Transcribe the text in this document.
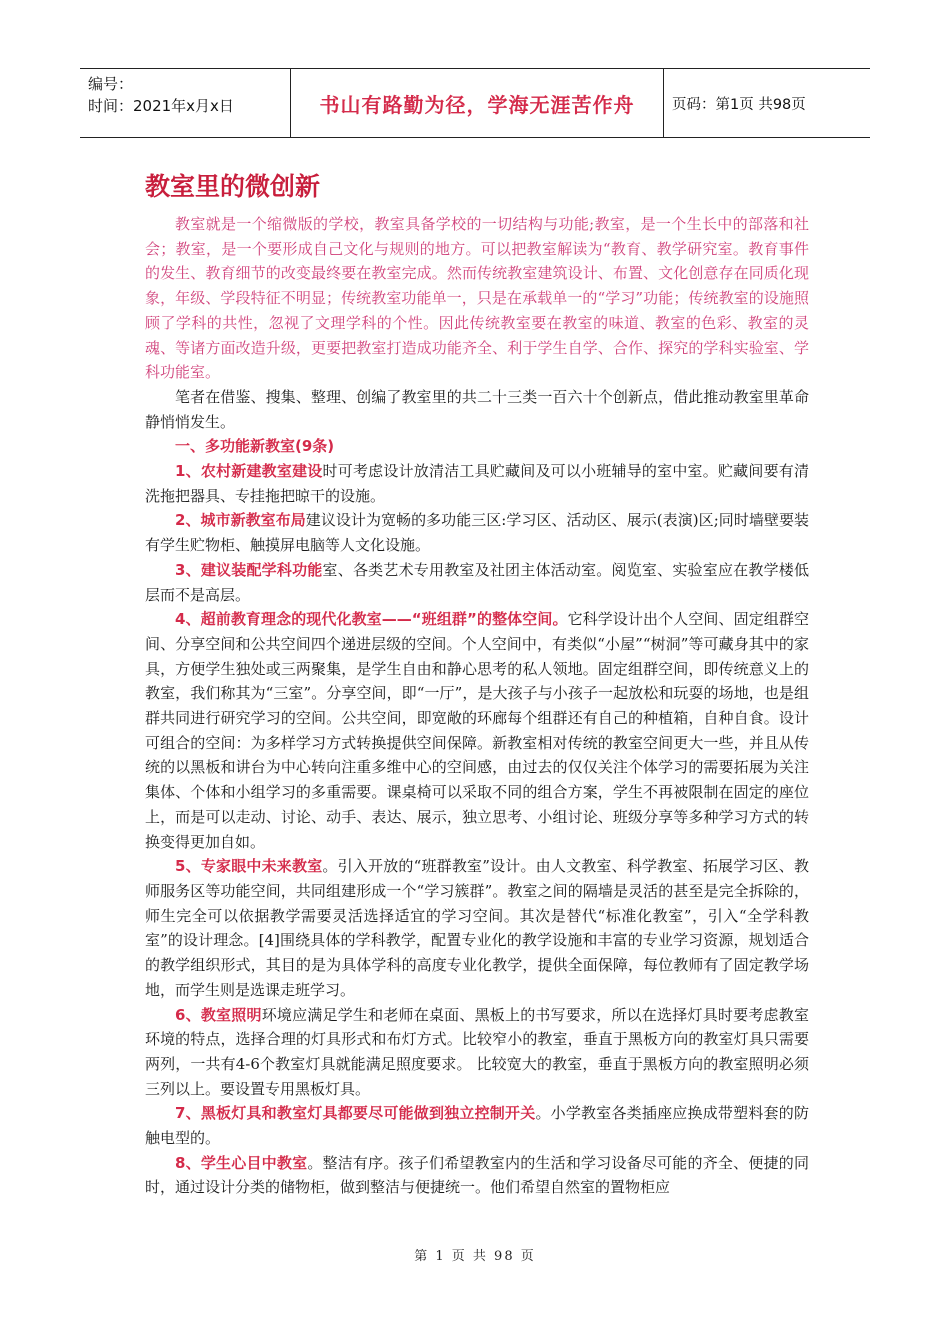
编号：
时间：2021年x月x日	书山有路勤为径，学海无涯苦作舟	页码：第1页 共98页
教室里的微创新

教室就是一个缩微版的学校，教室具备学校的一切结构与功能;教室，是一个生长中的部落和社会；教室，是一个要形成自己文化与规则的地方。可以把教室解读为“教育、教学研究室。教育事件的发生、教育细节的改变最终要在教室完成。然而传统教室建筑设计、布置、文化创意存在同质化现象，年级、学段特征不明显；传统教室功能单一，只是在承载单一的“学习”功能；传统教室的设施照顾了学科的共性，忽视了文理学科的个性。因此传统教室要在教室的味道、教室的色彩、教室的灵魂、等诸方面改造升级，更要把教室打造成功能齐全、利于学生自学、合作、探究的学科实验室、学科功能室。

笔者在借鉴、搜集、整理、创编了教室里的共二十三类一百六十个创新点，借此推动教室里革命静悄悄发生。

一、多功能新教室(9条)

1、农村新建教室建设时可考虑设计放清洁工具贮藏间及可以小班辅导的室中室。贮藏间要有清洗拖把器具、专挂拖把晾干的设施。

2、城市新教室布局建议设计为宽畅的多功能三区:学习区、活动区、展示(表演)区;同时墙壁要装有学生贮物柜、触摸屏电脑等人文化设施。

3、建议装配学科功能室、各类艺术专用教室及社团主体活动室。阅览室、实验室应在教学楼低层而不是高层。

4、超前教育理念的现代化教室——“班组群”的整体空间。它科学设计出个人空间、固定组群空间、分享空间和公共空间四个递进层级的空间。个人空间中，有类似“小屋”“树洞”等可藏身其中的家具，方便学生独处或三两聚集，是学生自由和静心思考的私人领地。固定组群空间，即传统意义上的教室，我们称其为“三室”。分享空间，即“一厅”，是大孩子与小孩子一起放松和玩耍的场地，也是组群共同进行研究学习的空间。公共空间，即宽敞的环廊每个组群还有自己的种植箱，自种自食。设计可组合的空间：为多样学习方式转换提供空间保障。新教室相对传统的教室空间更大一些，并且从传统的以黑板和讲台为中心转向注重多维中心的空间感，由过去的仅仅关注个体学习的需要拓展为关注集体、个体和小组学习的多重需要。课桌椅可以采取不同的组合方案，学生不再被限制在固定的座位上，而是可以走动、讨论、动手、表达、展示，独立思考、小组讨论、班级分享等多种学习方式的转换变得更加自如。

5、专家眼中未来教室。引入开放的“班群教室”设计。由人文教室、科学教室、拓展学习区、教师服务区等功能空间，共同组建形成一个“学习簇群”。教室之间的隔墙是灵活的甚至是完全拆除的，师生完全可以依据教学需要灵活选择适宜的学习空间。其次是替代“标准化教室”，引入“全学科教室”的设计理念。[4]围绕具体的学科教学，配置专业化的教学设施和丰富的专业学习资源，规划适合的教学组织形式，其目的是为具体学科的高度专业化教学，提供全面保障，每位教师有了固定教学场地，而学生则是选课走班学习。

6、教室照明环境应满足学生和老师在桌面、黑板上的书写要求，所以在选择灯具时要考虑教室环境的特点，选择合理的灯具形式和布灯方式。比较窄小的教室，垂直于黑板方向的教室灯具只需要两列，一共有4-6个教室灯具就能满足照度要求。 比较宽大的教室，垂直于黑板方向的教室照明必须三列以上。要设置专用黑板灯具。

7、黑板灯具和教室灯具都要尽可能做到独立控制开关。小学教室各类插座应换成带塑料套的防触电型的。

8、学生心目中教室。整洁有序。孩子们希望教室内的生活和学习设备尽可能的齐全、便捷的同时，通过设计分类的储物柜，做到整洁与便捷统一。他们希望自然室的置物柜应

第 1 页 共 98 页
